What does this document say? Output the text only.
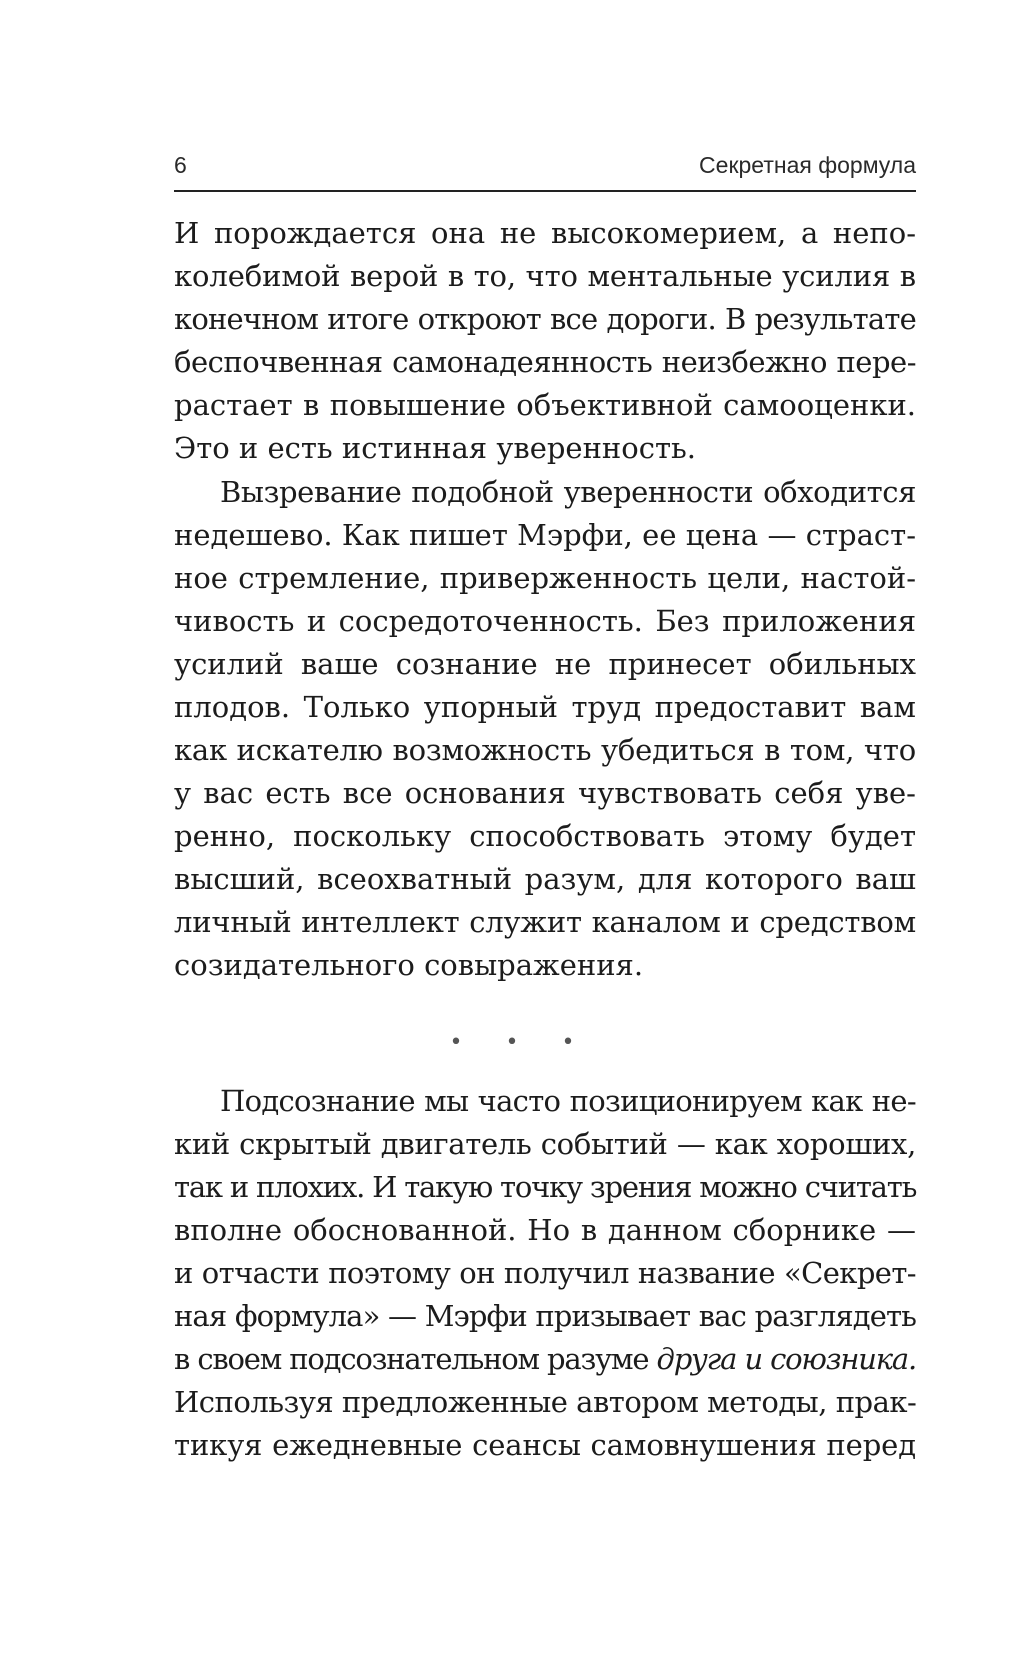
6	Секретная формула
И порождается она не высокомерием, а непо-
колебимой верой в то, что ментальные усилия в
конечном итоге откроют все дороги. В результате
беспочвенная самонадеянность неизбежно пере-
растает в повышение объективной самооценки.
Это и есть истинная уверенность.
Вызревание подобной уверенности обходится
недешево. Как пишет Мэрфи, ее цена — страст-
ное стремление, приверженность цели, настой-
чивость и сосредоточенность. Без приложения
усилий ваше сознание не принесет обильных
плодов. Только упорный труд предоставит вам
как искателю возможность убедиться в том, что
у вас есть все основания чувствовать себя уве-
ренно, поскольку способствовать этому будет
высший, всеохватный разум, для которого ваш
личный интеллект служит каналом и средством
созидательного совыражения.
• • •
Подсознание мы часто позиционируем как не-
кий скрытый двигатель событий — как хороших,
так и плохих. И такую точку зрения можно считать
вполне обоснованной. Но в данном сборнике —
и отчасти поэтому он получил название «Секрет-
ная формула» — Мэрфи призывает вас разглядеть
в своем подсознательном разуме друга и союзника.
Используя предложенные автором методы, прак-
тикуя ежедневные сеансы самовнушения перед
